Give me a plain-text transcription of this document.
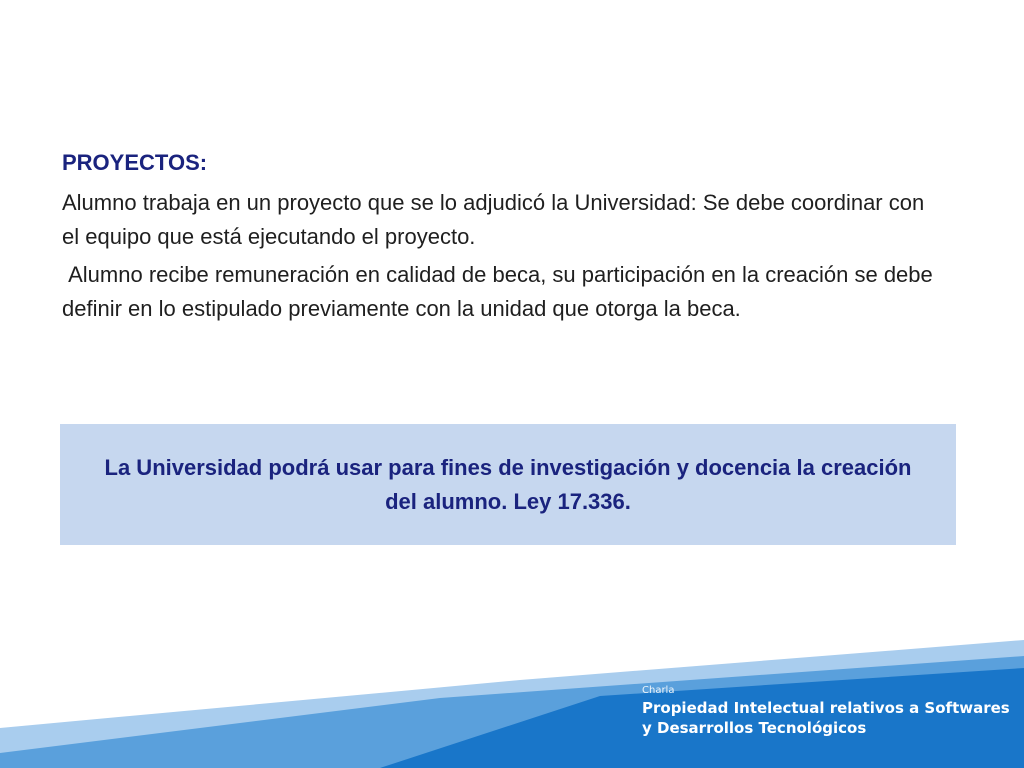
PROYECTOS:

Alumno trabaja en un proyecto que se lo adjudicó la Universidad: Se debe coordinar con el equipo que está ejecutando el proyecto.

Alumno recibe remuneración en calidad de beca, su participación en la creación se debe definir en lo estipulado previamente con la unidad que otorga la beca.

La Universidad podrá usar para fines de investigación y docencia la creación del alumno. Ley 17.336.

Charla
Propiedad Intelectual relativos a Softwares
y Desarrollos Tecnológicos
